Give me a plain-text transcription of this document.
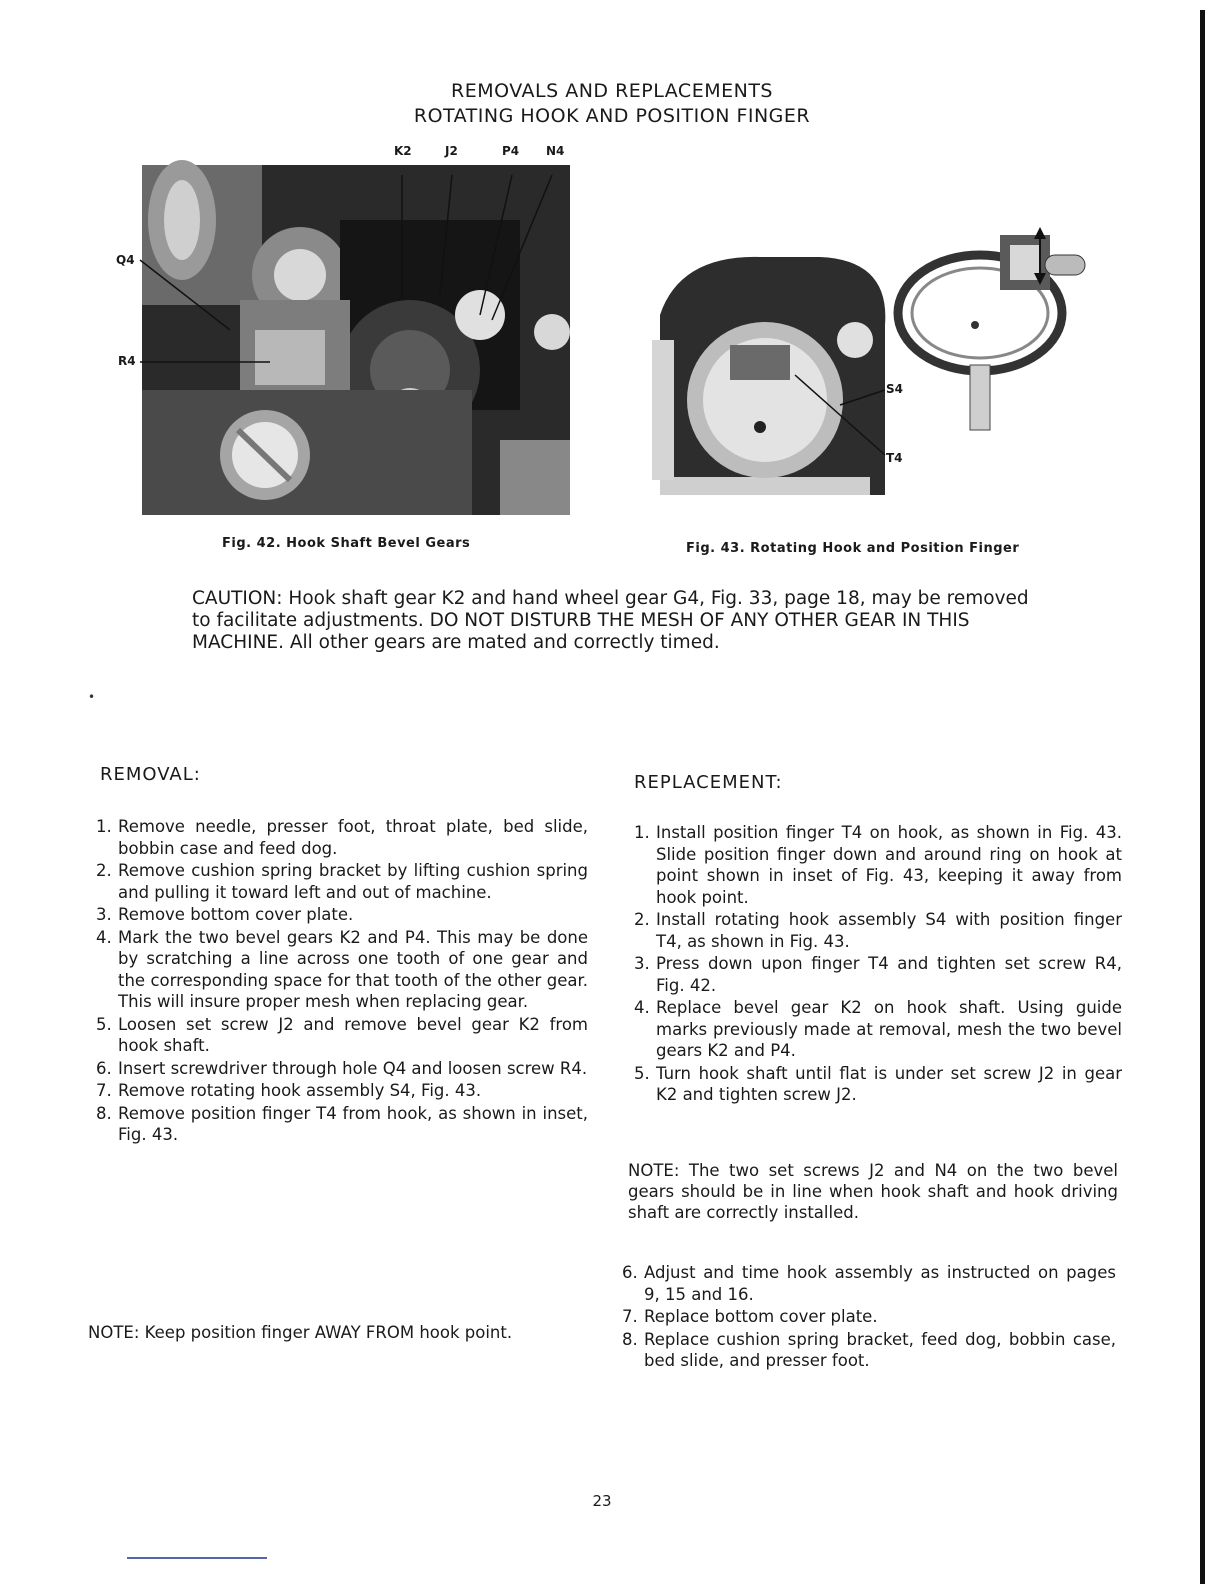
REMOVALS AND REPLACEMENTS
ROTATING HOOK AND POSITION FINGER
K2	J2	P4 N4
Q4
R4
Fig. 42. Hook Shaft Bevel Gears
S4
T4
Fig. 43. Rotating Hook and Position Finger
CAUTION: Hook shaft gear K2 and hand wheel gear G4, Fig. 33, page 18, may be removed to facilitate adjustments. DO NOT DISTURB THE MESH OF ANY OTHER GEAR IN THIS MACHINE. All other gears are mated and correctly timed.
•
REMOVAL:
1. Remove needle, presser foot, throat plate, bed slide, bobbin case and feed dog.
2. Remove cushion spring bracket by lifting cushion spring and pulling it toward left and out of machine.
3. Remove bottom cover plate.
4. Mark the two bevel gears K2 and P4. This may be done by scratching a line across one tooth of one gear and the corresponding space for that tooth of the other gear. This will insure proper mesh when replacing gear.
5. Loosen set screw J2 and remove bevel gear K2 from hook shaft.
6. Insert screwdriver through hole Q4 and loosen screw R4.
7. Remove rotating hook assembly S4, Fig. 43.
8. Remove position finger T4 from hook, as shown in inset, Fig. 43.
NOTE: Keep position finger AWAY FROM hook point.
REPLACEMENT:
1. Install position finger T4 on hook, as shown in Fig. 43. Slide position finger down and around ring on hook at point shown in inset of Fig. 43, keeping it away from hook point.
2. Install rotating hook assembly S4 with position finger T4, as shown in Fig. 43.
3. Press down upon finger T4 and tighten set screw R4, Fig. 42.
4. Replace bevel gear K2 on hook shaft. Using guide marks previously made at removal, mesh the two bevel gears K2 and P4.
5. Turn hook shaft until flat is under set screw J2 in gear K2 and tighten screw J2.
NOTE: The two set screws J2 and N4 on the two bevel gears should be in line when hook shaft and hook driving shaft are correctly installed.
6. Adjust and time hook assembly as instructed on pages 9, 15 and 16.
7. Replace bottom cover plate.
8. Replace cushion spring bracket, feed dog, bobbin case, bed slide, and presser foot.
23
